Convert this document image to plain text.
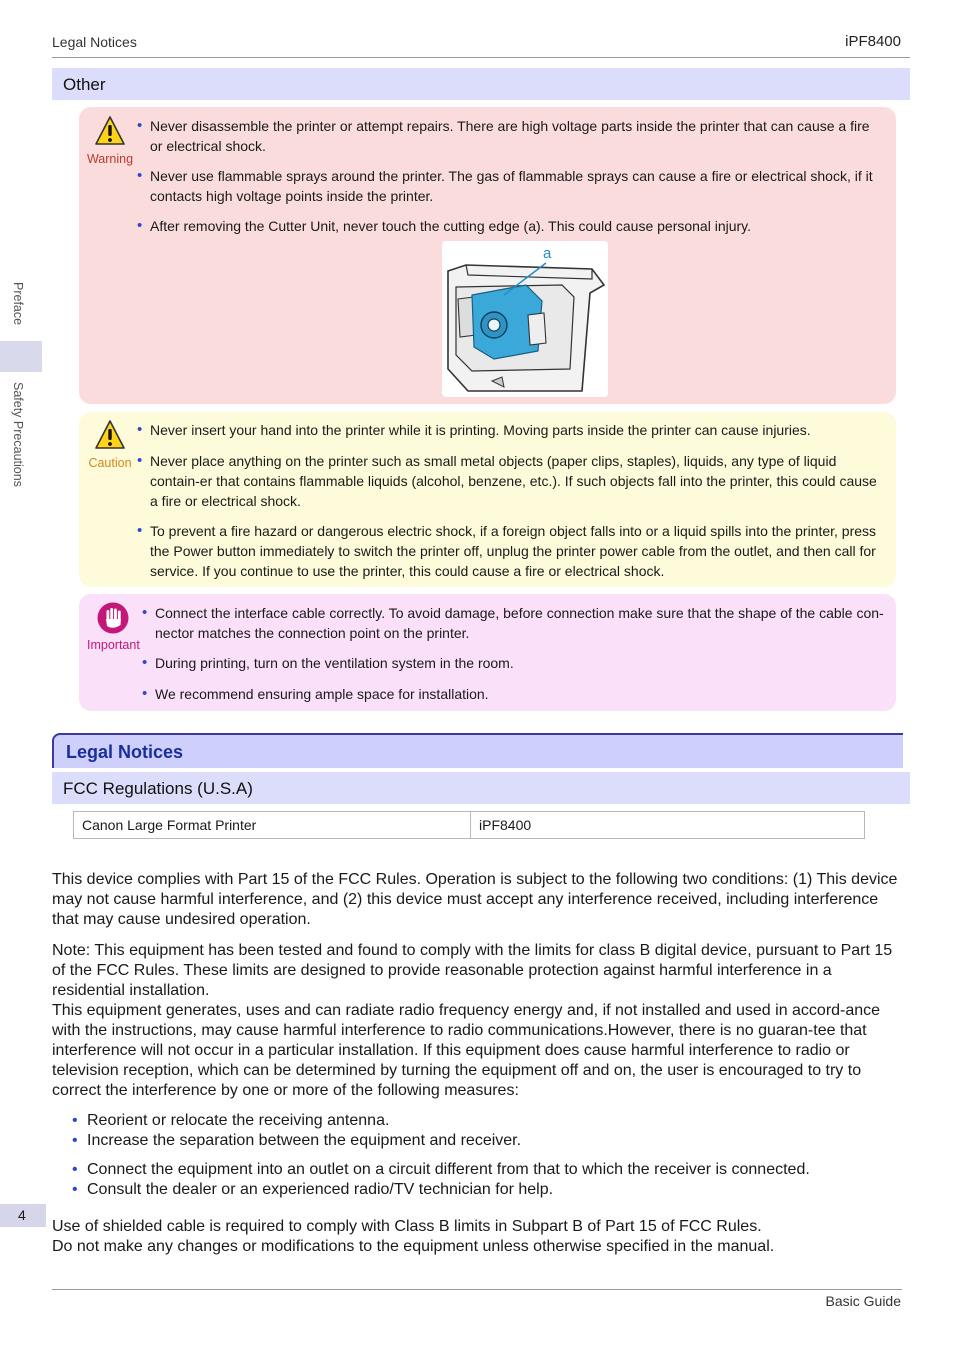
Legal Notices	iPF8400
Preface
Safety Precautions
Other
Warning
• Never disassemble the printer or attempt repairs. There are high voltage parts inside the printer that can cause a fire or electrical shock.
• Never use flammable sprays around the printer. The gas of flammable sprays can cause a fire or electrical shock, if it contacts high voltage points inside the printer.
• After removing the Cutter Unit, never touch the cutting edge (a). This could cause personal injury.
a
Caution
• Never insert your hand into the printer while it is printing. Moving parts inside the printer can cause injuries.
• Never place anything on the printer such as small metal objects (paper clips, staples), liquids, any type of liquid contain-er that contains flammable liquids (alcohol, benzene, etc.). If such objects fall into the printer, this could cause a fire or electrical shock.
• To prevent a fire hazard or dangerous electric shock, if a foreign object falls into or a liquid spills into the printer, press the Power button immediately to switch the printer off, unplug the printer power cable from the outlet, and then call for service. If you continue to use the printer, this could cause a fire or electrical shock.
Important
• Connect the interface cable correctly. To avoid damage, before connection make sure that the shape of the cable con-nector matches the connection point on the printer.
• During printing, turn on the ventilation system in the room.
• We recommend ensuring ample space for installation.
Legal Notices
FCC Regulations (U.S.A)
Canon Large Format Printer	iPF8400

This device complies with Part 15 of the FCC Rules. Operation is subject to the following two conditions: (1) This device may not cause harmful interference, and (2) this device must accept any interference received, including interference that may cause undesired operation.

Note: This equipment has been tested and found to comply with the limits for class B digital device, pursuant to Part 15 of the FCC Rules. These limits are designed to provide reasonable protection against harmful interference in a residential installation.

This equipment generates, uses and can radiate radio frequency energy and, if not installed and used in accord-ance with the instructions, may cause harmful interference to radio communications.However, there is no guaran-tee that interference will not occur in a particular installation. If this equipment does cause harmful interference to radio or television reception, which can be determined by turning the equipment off and on, the user is encouraged to try to correct the interference by one or more of the following measures:

• Reorient or relocate the receiving antenna.
• Increase the separation between the equipment and receiver.
• Connect the equipment into an outlet on a circuit different from that to which the receiver is connected.
• Consult the dealer or an experienced radio/TV technician for help.

Use of shielded cable is required to comply with Class B limits in Subpart B of Part 15 of FCC Rules.

Do not make any changes or modifications to the equipment unless otherwise specified in the manual.

4
Basic Guide
